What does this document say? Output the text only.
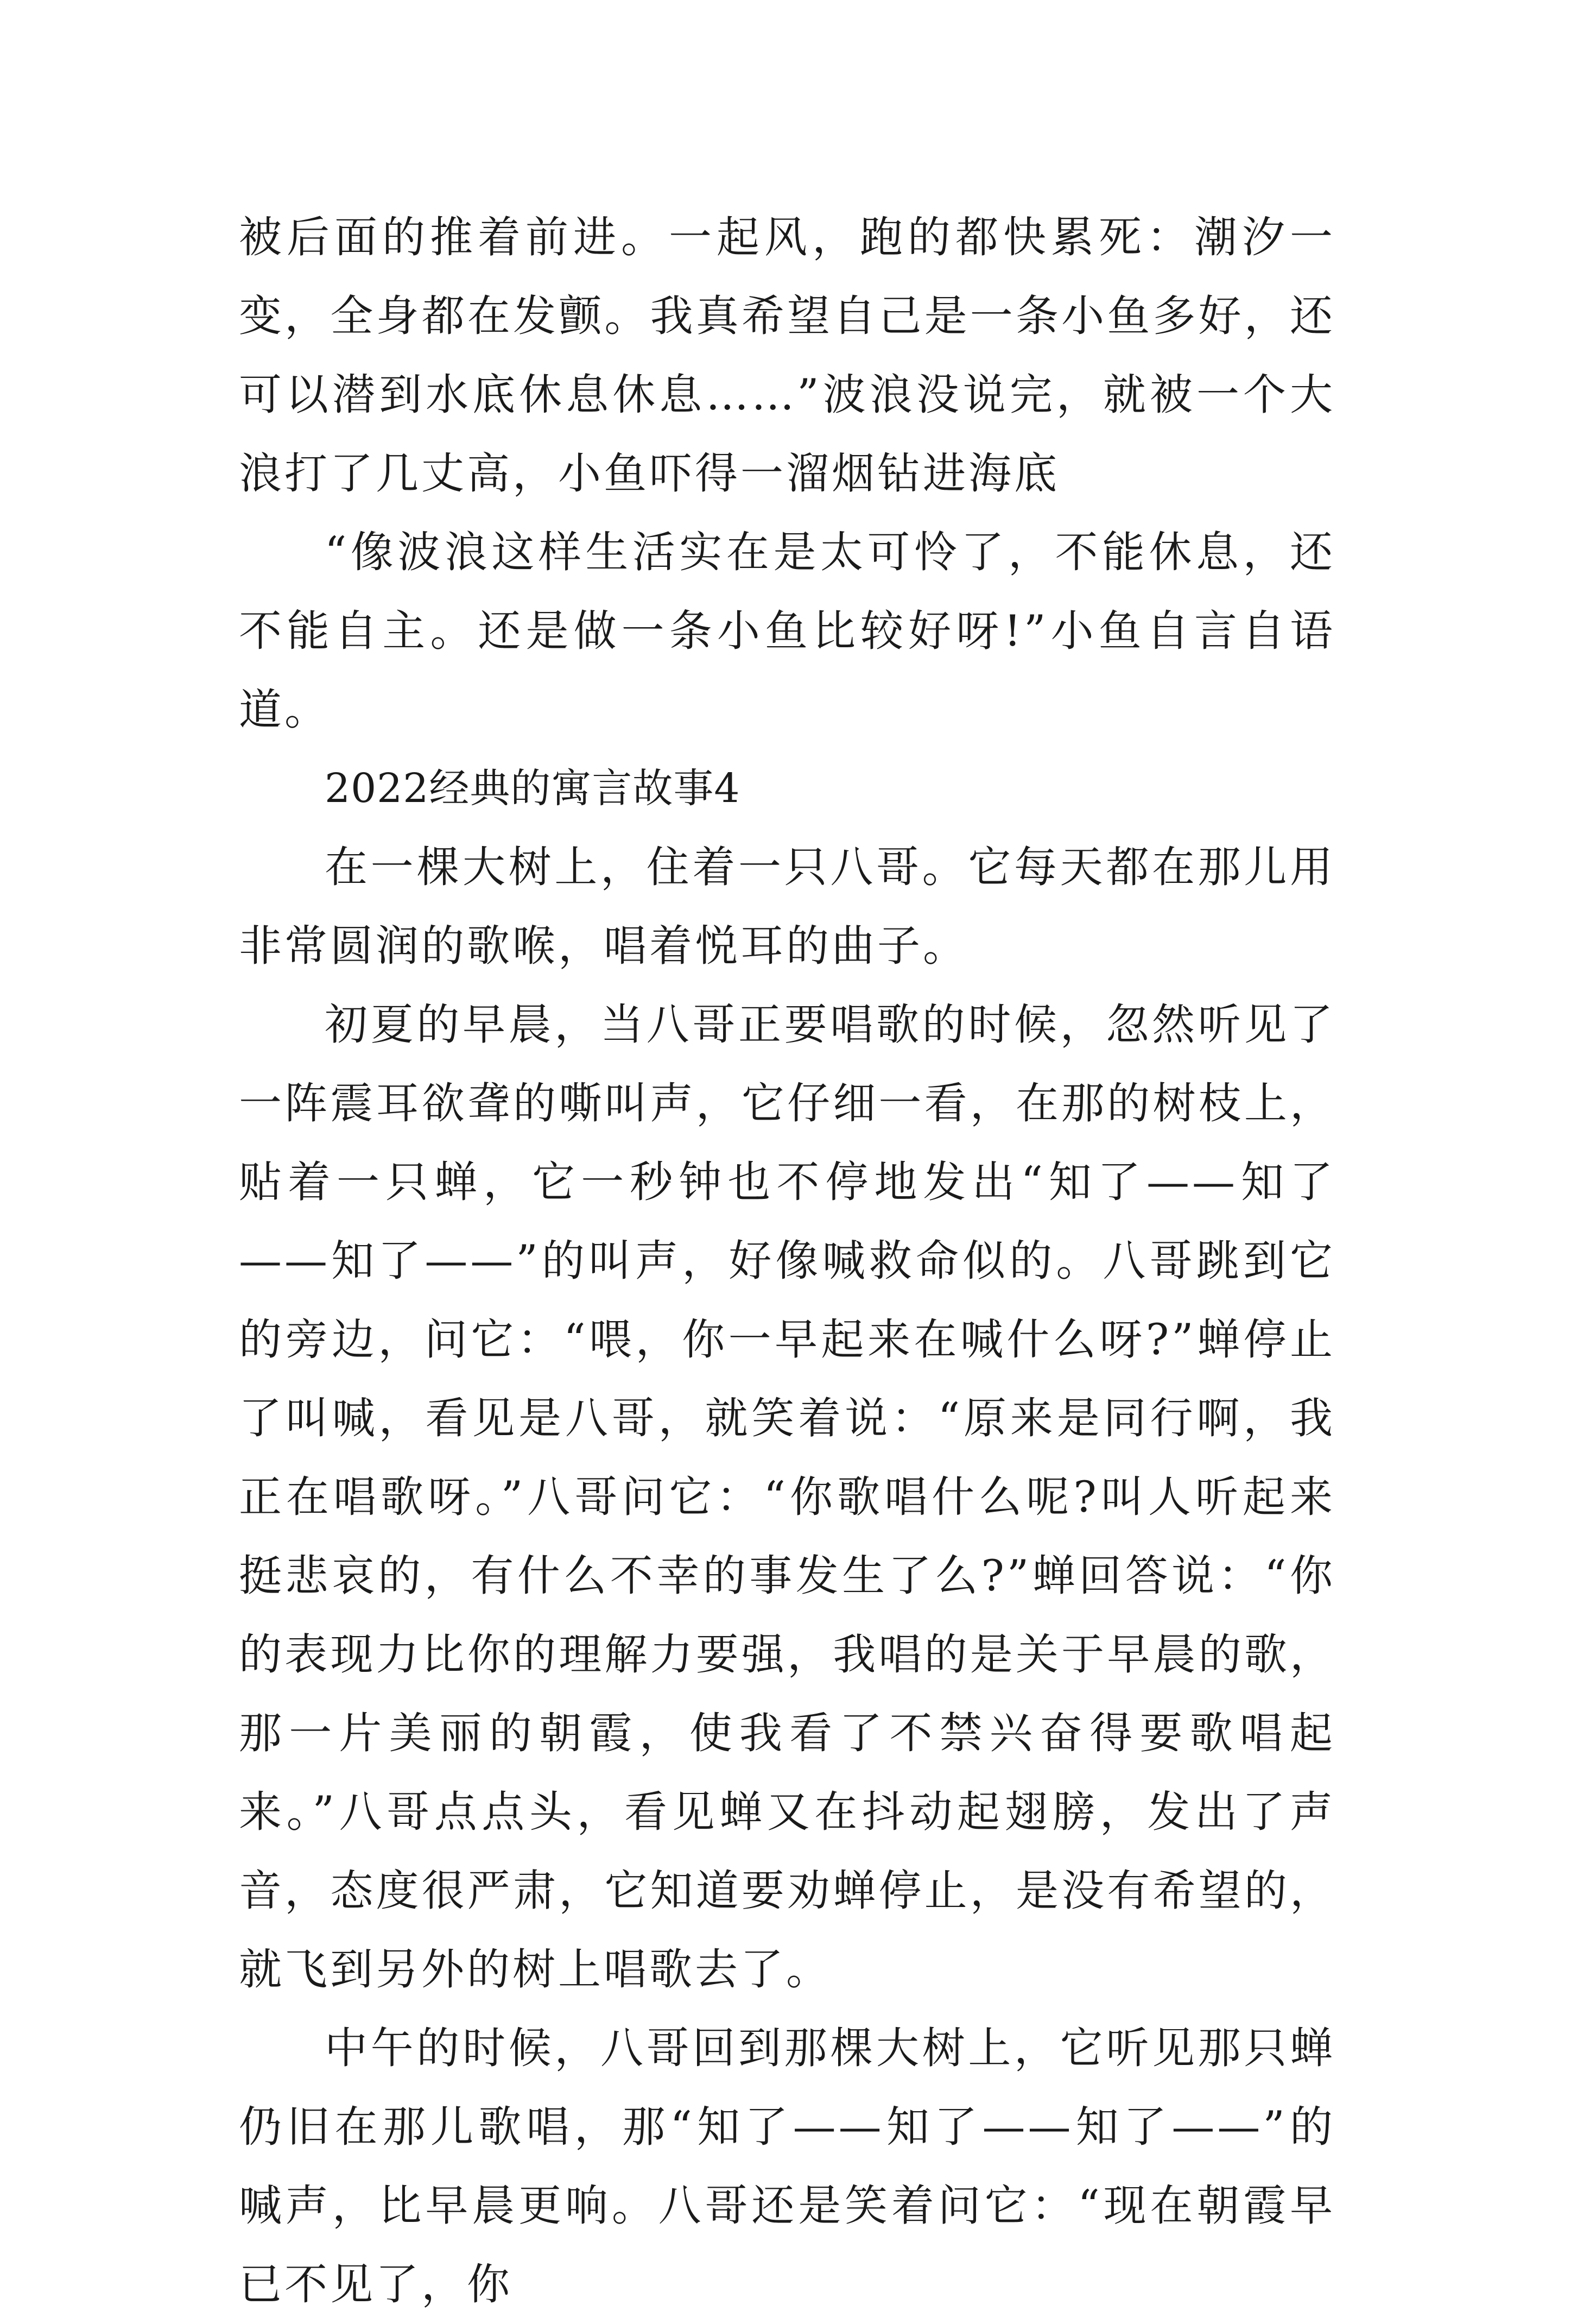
被后面的推着前进。一起风，跑的都快累死：潮汐一变，全身都在发颤。我真希望自己是一条小鱼多好，还可以潜到水底休息休息……”波浪没说完，就被一个大浪打了几丈高，小鱼吓得一溜烟钻进海底

“像波浪这样生活实在是太可怜了，不能休息，还不能自主。还是做一条小鱼比较好呀!”小鱼自言自语道。

2022经典的寓言故事4

在一棵大树上，住着一只八哥。它每天都在那儿用非常圆润的歌喉，唱着悦耳的曲子。

初夏的早晨，当八哥正要唱歌的时候，忽然听见了一阵震耳欲聋的嘶叫声，它仔细一看，在那的树枝上，贴着一只蝉，它一秒钟也不停地发出“知了——知了——知了——”的叫声，好像喊救命似的。八哥跳到它的旁边，问它：“喂，你一早起来在喊什么呀?”蝉停止了叫喊，看见是八哥，就笑着说：“原来是同行啊，我正在唱歌呀。”八哥问它：“你歌唱什么呢?叫人听起来挺悲哀的，有什么不幸的事发生了么?”蝉回答说：“你的表现力比你的理解力要强，我唱的是关于早晨的歌，那一片美丽的朝霞，使我看了不禁兴奋得要歌唱起来。”八哥点点头，看见蝉又在抖动起翅膀，发出了声音，态度很严肃，它知道要劝蝉停止，是没有希望的，就飞到另外的树上唱歌去了。

中午的时候，八哥回到那棵大树上，它听见那只蝉仍旧在那儿歌唱，那“知了——知了——知了——”的喊声，比早晨更响。八哥还是笑着问它：“现在朝霞早已不见了，你
